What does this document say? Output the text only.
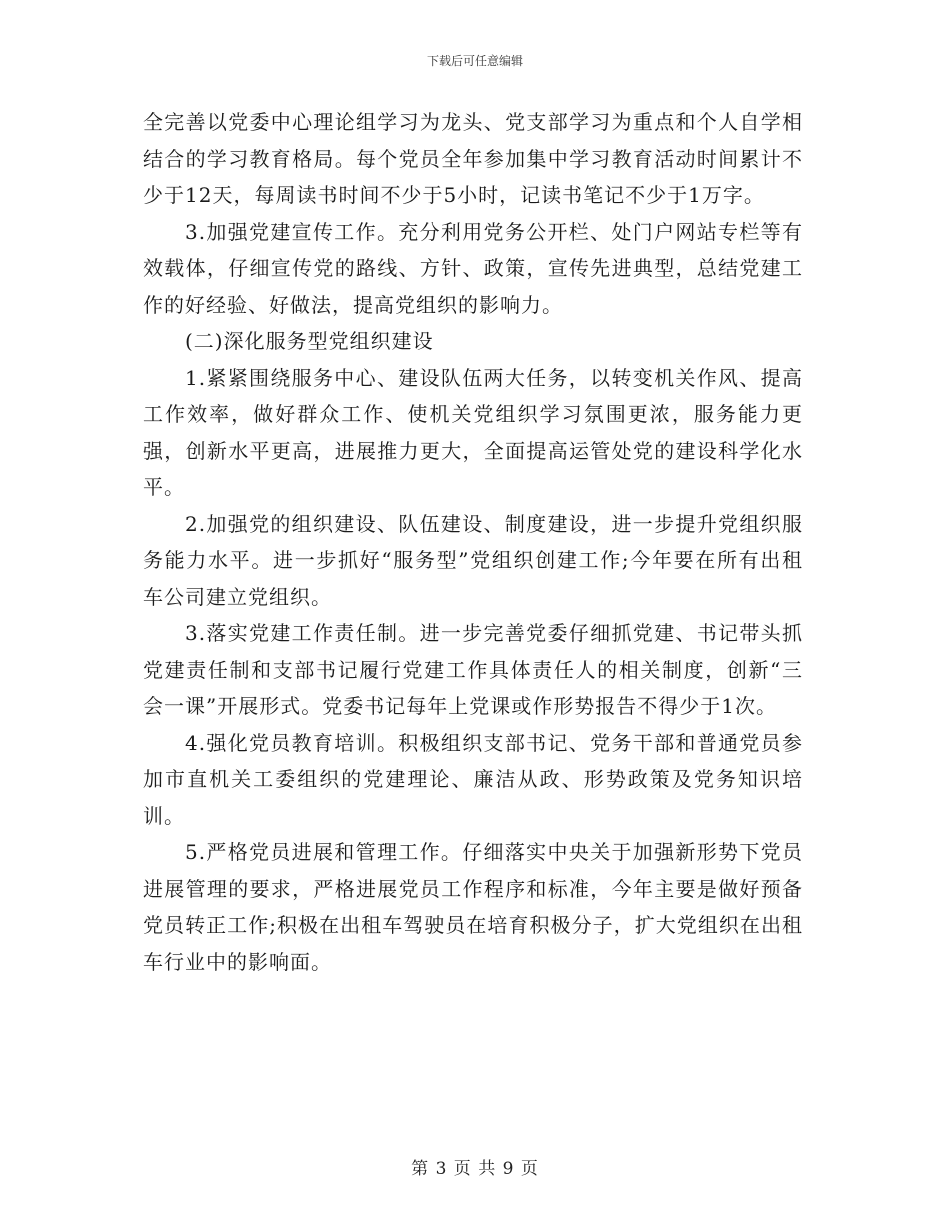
下载后可任意编辑

全完善以党委中心理论组学习为龙头、党支部学习为重点和个人自学相结合的学习教育格局。每个党员全年参加集中学习教育活动时间累计不少于12天，每周读书时间不少于5小时，记读书笔记不少于1万字。

3.加强党建宣传工作。充分利用党务公开栏、处门户网站专栏等有效载体，仔细宣传党的路线、方针、政策，宣传先进典型，总结党建工作的好经验、好做法，提高党组织的影响力。

(二)深化服务型党组织建设

1.紧紧围绕服务中心、建设队伍两大任务，以转变机关作风、提高工作效率，做好群众工作、使机关党组织学习氛围更浓，服务能力更强，创新水平更高，进展推力更大，全面提高运管处党的建设科学化水平。

2.加强党的组织建设、队伍建设、制度建设，进一步提升党组织服务能力水平。进一步抓好“服务型”党组织创建工作;今年要在所有出租车公司建立党组织。

3.落实党建工作责任制。进一步完善党委仔细抓党建、书记带头抓党建责任制和支部书记履行党建工作具体责任人的相关制度，创新“三会一课”开展形式。党委书记每年上党课或作形势报告不得少于1次。

4.强化党员教育培训。积极组织支部书记、党务干部和普通党员参加市直机关工委组织的党建理论、廉洁从政、形势政策及党务知识培训。

5.严格党员进展和管理工作。仔细落实中央关于加强新形势下党员进展管理的要求，严格进展党员工作程序和标准，今年主要是做好预备党员转正工作;积极在出租车驾驶员在培育积极分子，扩大党组织在出租车行业中的影响面。

第 3 页 共 9 页
